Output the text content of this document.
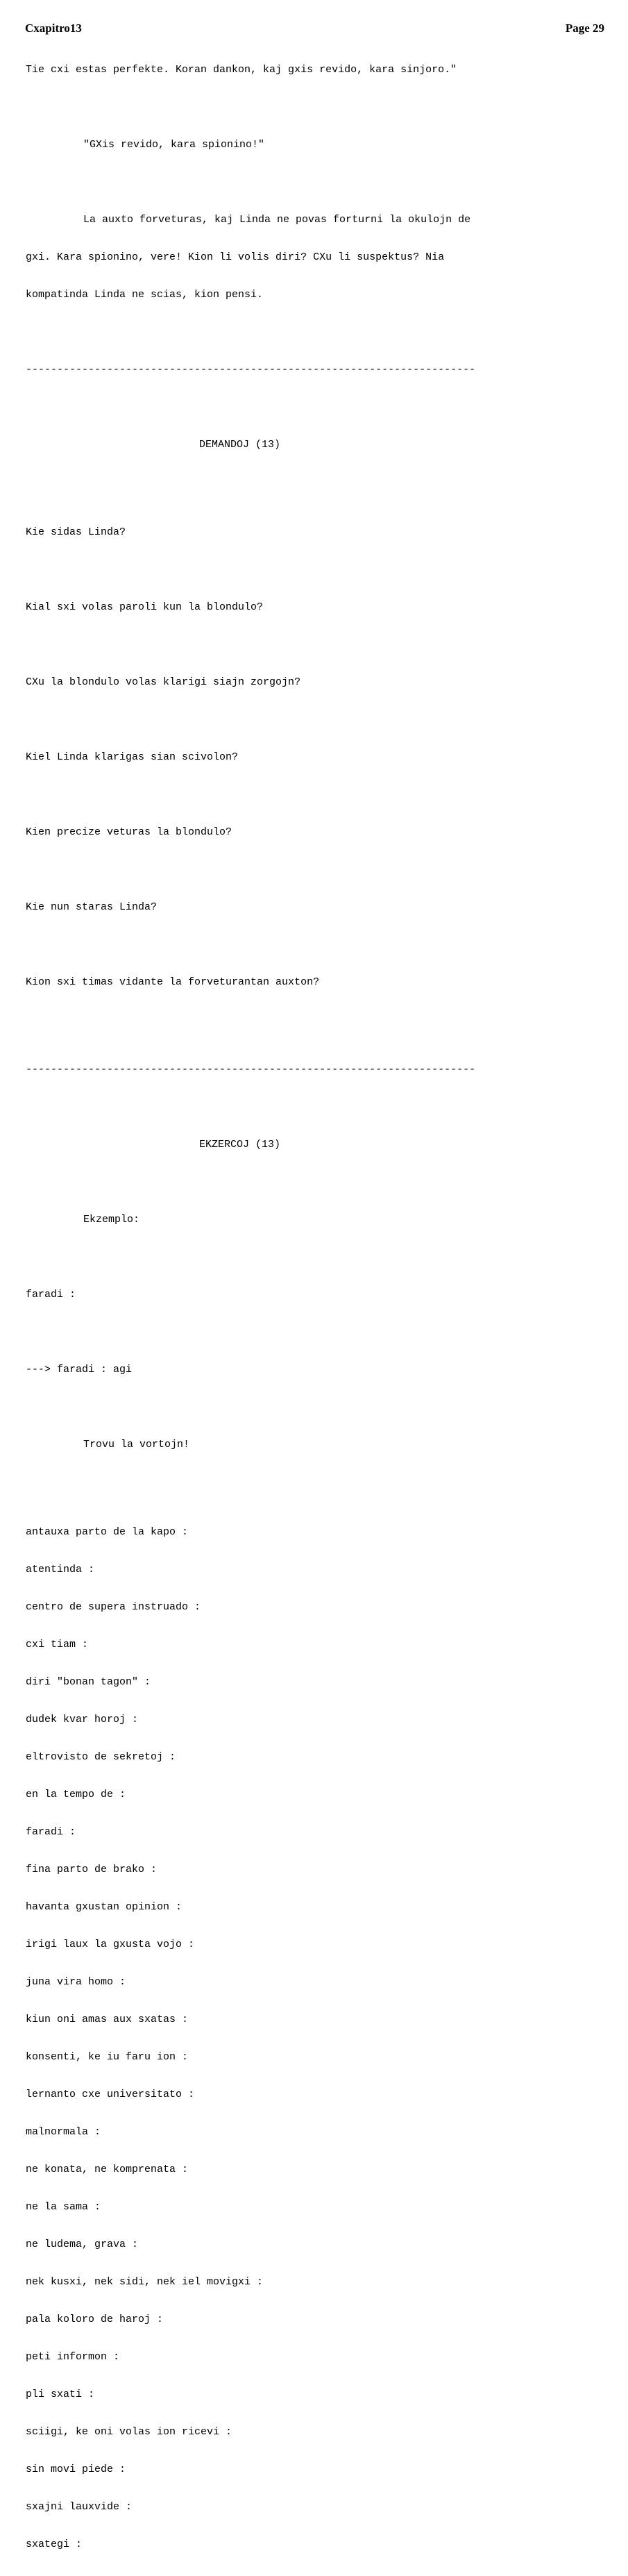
Cxapitro13	Page 29

Tie cxi estas perfekte. Koran dankon, kaj gxis revido, kara sinjoro."

"GXis revido, kara spionino!"

La auxto forveturas, kaj Linda ne povas forturni la okulojn de

gxi. Kara spionino, vere! Kion li volis diri? CXu li suspektus? Nia

kompatinda Linda ne scias, kion pensi.

------------------------------------------------------------------------

DEMANDOJ (13)

Kie sidas Linda?

Kial sxi volas paroli kun la blondulo?

CXu la blondulo volas klarigi siajn zorgojn?

Kiel Linda klarigas sian scivolon?

Kien precize veturas la blondulo?

Kie nun staras Linda?

Kion sxi timas vidante la forveturantan auxton?

------------------------------------------------------------------------

EKZERCOJ (13)

Ekzemplo:

faradi :

---> faradi : agi

Trovu la vortojn!

antauxa parto de la kapo :

atentinda :

centro de supera instruado :

cxi tiam :

diri "bonan tagon" :

dudek kvar horoj :

eltrovisto de sekretoj :

en la tempo de :

faradi :

fina parto de brako :

havanta gxustan opinion :

irigi laux la gxusta vojo :

juna vira homo :

kiun oni amas aux sxatas :

konsenti, ke iu faru ion :

lernanto cxe universitato :

malnormala :

ne konata, ne komprenata :

ne la sama :

ne ludema, grava :

nek kusxi, nek sidi, nek iel movigxi :

pala koloro de haroj :

peti informon :

pli sxati :

sciigi, ke oni volas ion ricevi :

sin movi piede :

sxajni lauxvide :

sxategi :
